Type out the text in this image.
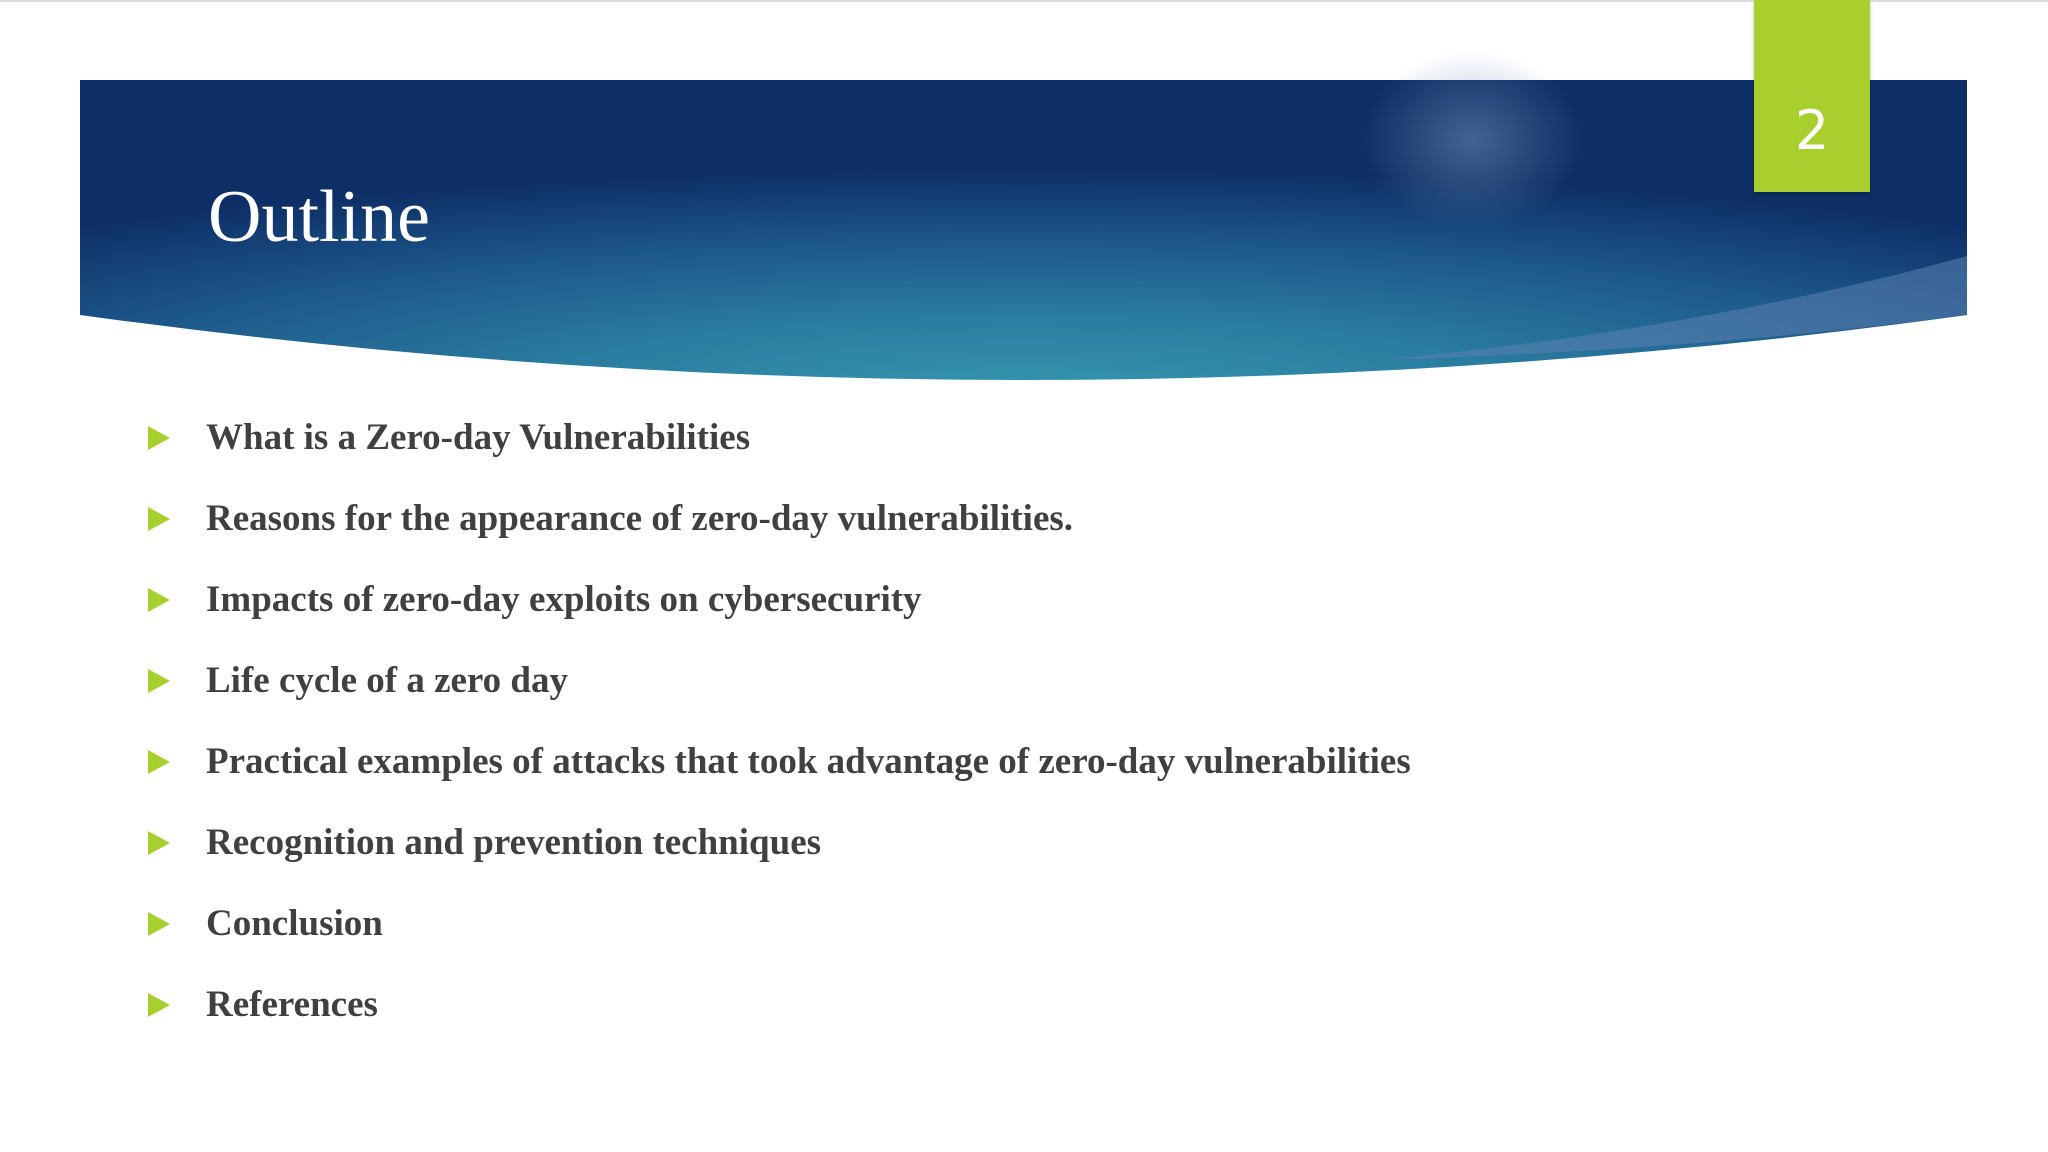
Outline
2
What is a Zero-day Vulnerabilities
Reasons for the appearance of zero-day vulnerabilities.
Impacts of zero-day exploits on cybersecurity
Life cycle of a zero day
Practical examples of attacks that took advantage of zero-day vulnerabilities
Recognition and prevention techniques
Conclusion
References
